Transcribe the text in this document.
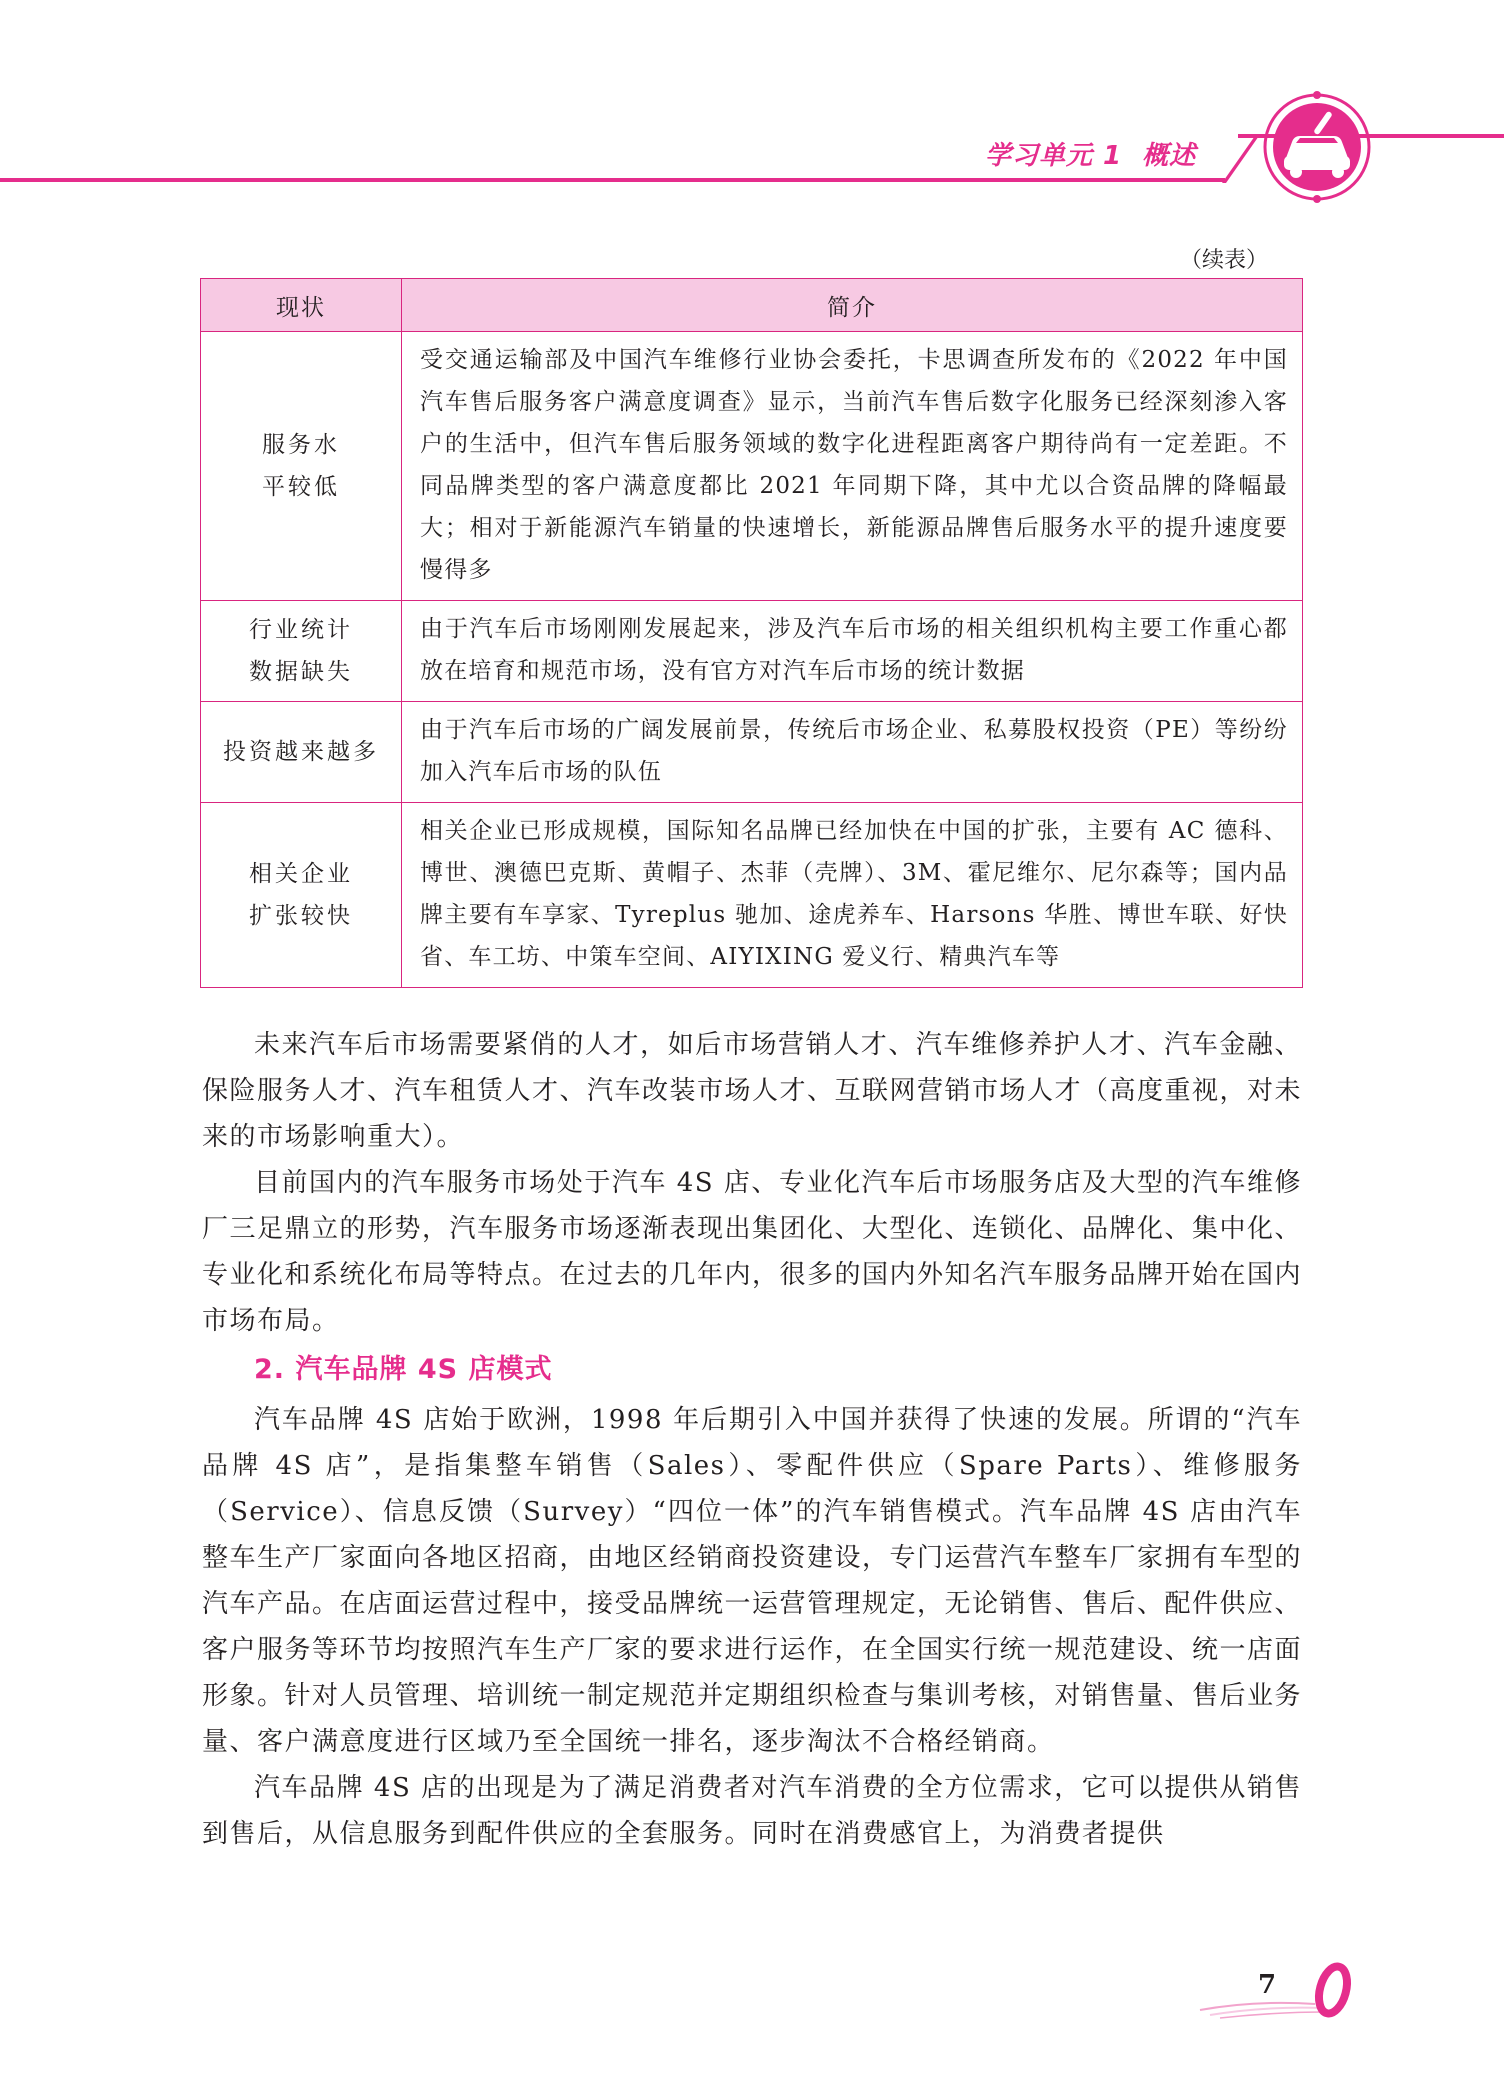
学习单元 1 概述
（续表）
现状	简介
服务水
平较低	受交通运输部及中国汽车维修行业协会委托，卡思调查所发布的《2022 年中国汽车售后服务客户满意度调查》显示，当前汽车售后数字化服务已经深刻渗入客户的生活中，但汽车售后服务领域的数字化进程距离客户期待尚有一定差距。不同品牌类型的客户满意度都比 2021 年同期下降，其中尤以合资品牌的降幅最大；相对于新能源汽车销量的快速增长，新能源品牌售后服务水平的提升速度要慢得多
行业统计
数据缺失	由于汽车后市场刚刚发展起来，涉及汽车后市场的相关组织机构主要工作重心都放在培育和规范市场，没有官方对汽车后市场的统计数据
投资越来越多	由于汽车后市场的广阔发展前景，传统后市场企业、私募股权投资（PE）等纷纷加入汽车后市场的队伍
相关企业
扩张较快	相关企业已形成规模，国际知名品牌已经加快在中国的扩张，主要有 AC 德科、博世、澳德巴克斯、黄帽子、杰菲（壳牌）、3M、霍尼维尔、尼尔森等；国内品牌主要有车享家、Tyreplus 驰加、途虎养车、Harsons 华胜、博世车联、好快省、车工坊、中策车空间、AIYIXING 爱义行、精典汽车等

未来汽车后市场需要紧俏的人才，如后市场营销人才、汽车维修养护人才、汽车金融、保险服务人才、汽车租赁人才、汽车改装市场人才、互联网营销市场人才（高度重视，对未来的市场影响重大）。

目前国内的汽车服务市场处于汽车 4S 店、专业化汽车后市场服务店及大型的汽车维修厂三足鼎立的形势，汽车服务市场逐渐表现出集团化、大型化、连锁化、品牌化、集中化、专业化和系统化布局等特点。在过去的几年内，很多的国内外知名汽车服务品牌开始在国内市场布局。

2. 汽车品牌 4S 店模式

汽车品牌 4S 店始于欧洲，1998 年后期引入中国并获得了快速的发展。所谓的“汽车品牌 4S 店”，是指集整车销售（Sales）、零配件供应（Spare Parts）、维修服务（Service）、信息反馈（Survey）“四位一体”的汽车销售模式。汽车品牌 4S 店由汽车整车生产厂家面向各地区招商，由地区经销商投资建设，专门运营汽车整车厂家拥有车型的汽车产品。在店面运营过程中，接受品牌统一运营管理规定，无论销售、售后、配件供应、客户服务等环节均按照汽车生产厂家的要求进行运作，在全国实行统一规范建设、统一店面形象。针对人员管理、培训统一制定规范并定期组织检查与集训考核，对销售量、售后业务量、客户满意度进行区域乃至全国统一排名，逐步淘汰不合格经销商。

汽车品牌 4S 店的出现是为了满足消费者对汽车消费的全方位需求，它可以提供从销售到售后，从信息服务到配件供应的全套服务。同时在消费感官上，为消费者提供

7
